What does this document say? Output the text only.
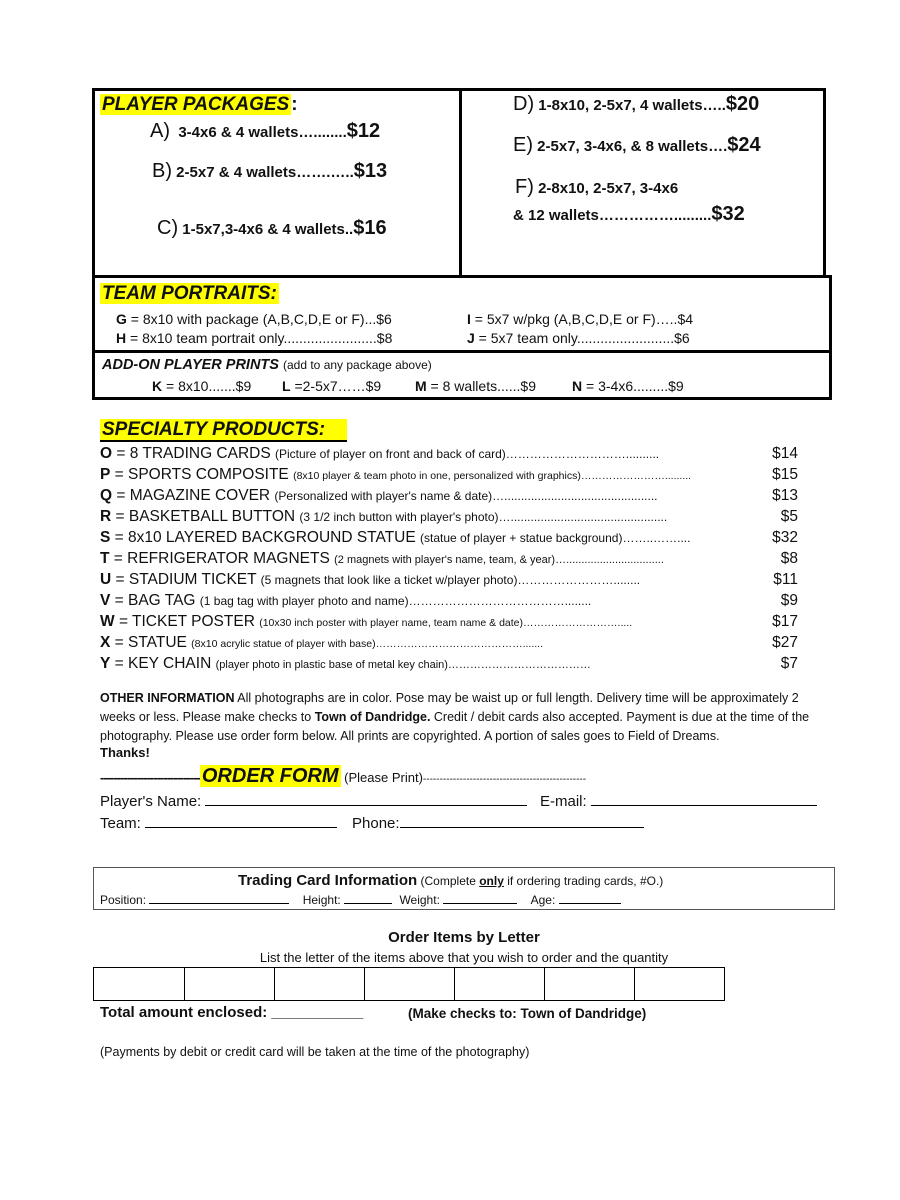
PLAYER PACKAGES :
A) 3-4x6 & 4 wallets…........$12
B) 2-5x7 & 4 wallets…….…..$13
C) 1-5x7,3-4x6 & 4 wallets..$16
D) 1-8x10, 2-5x7, 4 wallets…..$20
E) 2-5x7, 3-4x6, & 8 wallets….$24
F) 2-8x10, 2-5x7, 3-4x6
& 12 wallets…………….........$32
TEAM PORTRAITS:
G = 8x10 with package (A,B,C,D,E or F)...$6
H = 8x10 team portrait only........................$8
I = 5x7 w/pkg (A,B,C,D,E or F)…..$4
J = 5x7 team only.........................$6
ADD-ON PLAYER PRINTS (add to any package above)
K = 8x10.......$9 L =2-5x7……$9 M = 8 wallets......$9	N = 3-4x6.........$9
SPECIALTY PRODUCTS:
O = 8 TRADING CARDS (Picture of player on front and back of card)…………………………..........	$14
P = SPORTS COMPOSITE (8x10 player & team photo in one, personalized with graphics)…………………….........	$15
Q = MAGAZINE COVER (Personalized with player's name & date)…..............................................	$13
R = BASKETBALL BUTTON (3 1/2 inch button with player's photo)…...............................................	$5
S = 8x10 LAYERED BACKGROUND STATUE (statue of player + statue background)……..……....	$32
T = REFRIGERATOR MAGNETS (2 magnets with player's name, team, & year)…................................	$8
U = STADIUM TICKET (5 magnets that look like a ticket w/player photo)……………………........	$11
V = BAG TAG (1 bag tag with player photo and name)…………………………………........	$9
W = TICKET POSTER (10x30 inch poster with player name, team name & date)……………………….....	$17
X = STATUE (8x10 acrylic statue of player with base)…………………………………….......	$27
Y = KEY CHAIN (player photo in plastic base of metal key chain)…………………………………	$7
OTHER INFORMATION All photographs are in color. Pose may be waist up or full length. Delivery time will be approximately 2 weeks or less. Please make checks to Town of Dandridge. Credit / debit cards also accepted. Payment is due at the time of the photography. Please use order form below. All prints are copyrighted. A portion of sales goes to Field of Dreams.
Thanks!
------------------------------ ORDER FORM (Please Print)-------------------------------------------------
Player's Name:	E-mail:
Team:	Phone:
Trading Card Information (Complete only if ordering trading cards, #O.)
Position:	Height:	Weight:	Age:
Order Items by Letter
List the letter of the items above that you wish to order and the quantity
Total amount enclosed: ___________	(Make checks to: Town of Dandridge)
(Payments by debit or credit card will be taken at the time of the photography)
